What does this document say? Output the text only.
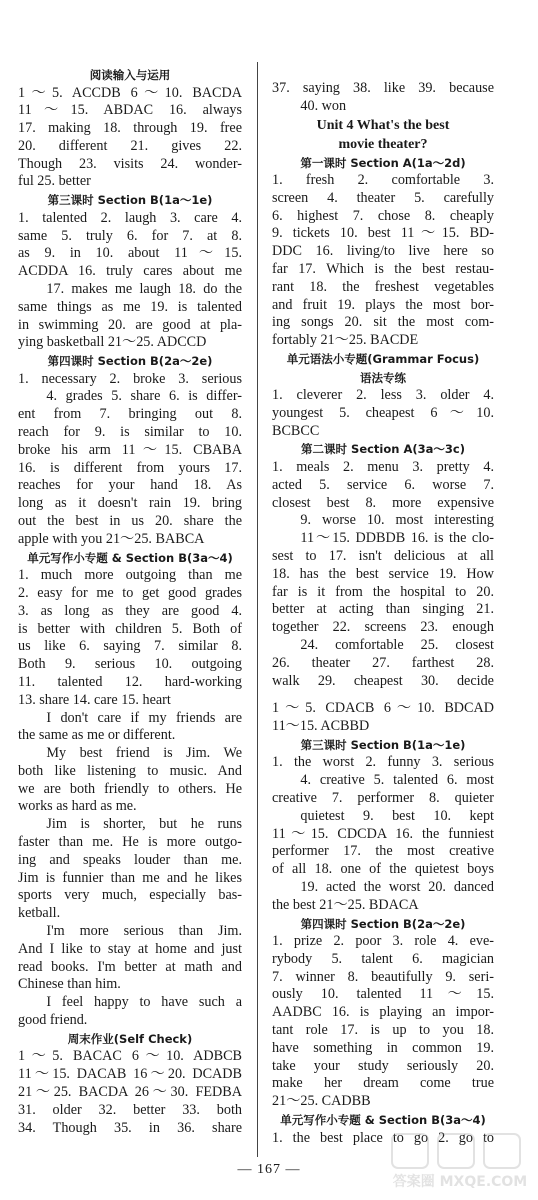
阅读输入与运用
1～5. ACCDB 6～10. BACDA
11～15. ABDAC 16. always
17. making 18. through 19. free
20. different 21. gives 22.
Though 23. visits 24. wonder-
ful 25. better
第三课时 Section B(1a～1e)
1. talented 2. laugh 3. care 4.
same 5. truly 6. for 7. at 8.
as 9. in 10. about 11～15.
ACDDA 16. truly cares about me
17. makes me laugh 18. do the
same things as me 19. is talented
in swimming 20. are good at pla-
ying basketball 21～25. ADCCD
第四课时 Section B(2a～2e)
1. necessary 2. broke 3. serious
4. grades 5. share 6. is differ-
ent from 7. bringing out 8.
reach for 9. is similar to 10.
broke his arm 11～15. CBABA
16. is different from yours 17.
reaches for your hand 18. As
long as it doesn't rain 19. bring
out the best in us 20. share the
apple with you 21～25. BABCA
单元写作小专题 & Section B(3a～4)
1. much more outgoing than me
2. easy for me to get good grades
3. as long as they are good 4.
is better with children 5. Both of
us like 6. saying 7. similar 8.
Both 9. serious 10. outgoing
11. talented 12. hard-working
13. share 14. care 15. heart
I don't care if my friends are
the same as me or different.
My best friend is Jim. We
both like listening to music. And
we are both friendly to others. He
works as hard as me.
Jim is shorter, but he runs
faster than me. He is more outgo-
ing and speaks louder than me.
Jim is funnier than me and he likes
sports very much, especially bas-
ketball.
I'm more serious than Jim.
And I like to stay at home and just
read books. I'm better at math and
Chinese than him.
I feel happy to have such a
good friend.
周末作业(Self Check)
1～5. BACAC 6～10. ADBCB
11～15. DACAB 16～20. DCADB
21～25. BACDA 26～30. FEDBA
31. older 32. better 33. both
34. Though 35. in 36. share
37. saying 38. like 39. because
40. won
Unit 4 What's the best
movie theater?
第一课时 Section A(1a～2d)
1. fresh 2. comfortable 3.
screen 4. theater 5. carefully
6. highest 7. chose 8. cheaply
9. tickets 10. best 11～15. BD-
DDC 16. living/to live here so
far 17. Which is the best restau-
rant 18. the freshest vegetables
and fruit 19. plays the most bor-
ing songs 20. sit the most com-
fortably 21～25. BACDE
单元语法小专题(Grammar Focus)
语法专练
1. cleverer 2. less 3. older 4.
youngest 5. cheapest 6～10.
BCBCC
第二课时 Section A(3a～3c)
1. meals 2. menu 3. pretty 4.
acted 5. service 6. worse 7.
closest best 8. more expensive
9. worse 10. most interesting
11～15. DDBDB 16. is the clo-
sest to 17. isn't delicious at all
18. has the best service 19. How
far is it from the hospital to 20.
better at acting than singing 21.
together 22. screens 23. enough
24. comfortable 25. closest
26. theater 27. farthest 28.
walk 29. cheapest 30. decide
1～5. CDACB 6～10. BDCAD
11～15. ACBBD
第三课时 Section B(1a～1e)
1. the worst 2. funny 3. serious
4. creative 5. talented 6. most
creative 7. performer 8. quieter
quietest 9. best 10. kept
11～15. CDCDA 16. the funniest
performer 17. the most creative
of all 18. one of the quietest boys
19. acted the worst 20. danced
the best 21～25. BDACA
第四课时 Section B(2a～2e)
1. prize 2. poor 3. role 4. eve-
rybody 5. talent 6. magician
7. winner 8. beautifully 9. seri-
ously 10. talented 11～15.
AADBC 16. is playing an impor-
tant role 17. is up to you 18.
have something in common 19.
take your study seriously 20.
make her dream come true
21～25. CADBB
单元写作小专题 & Section B(3a～4)
1. the best place to go 2. go to
— 167 —
答案圈 MXQE.COM
